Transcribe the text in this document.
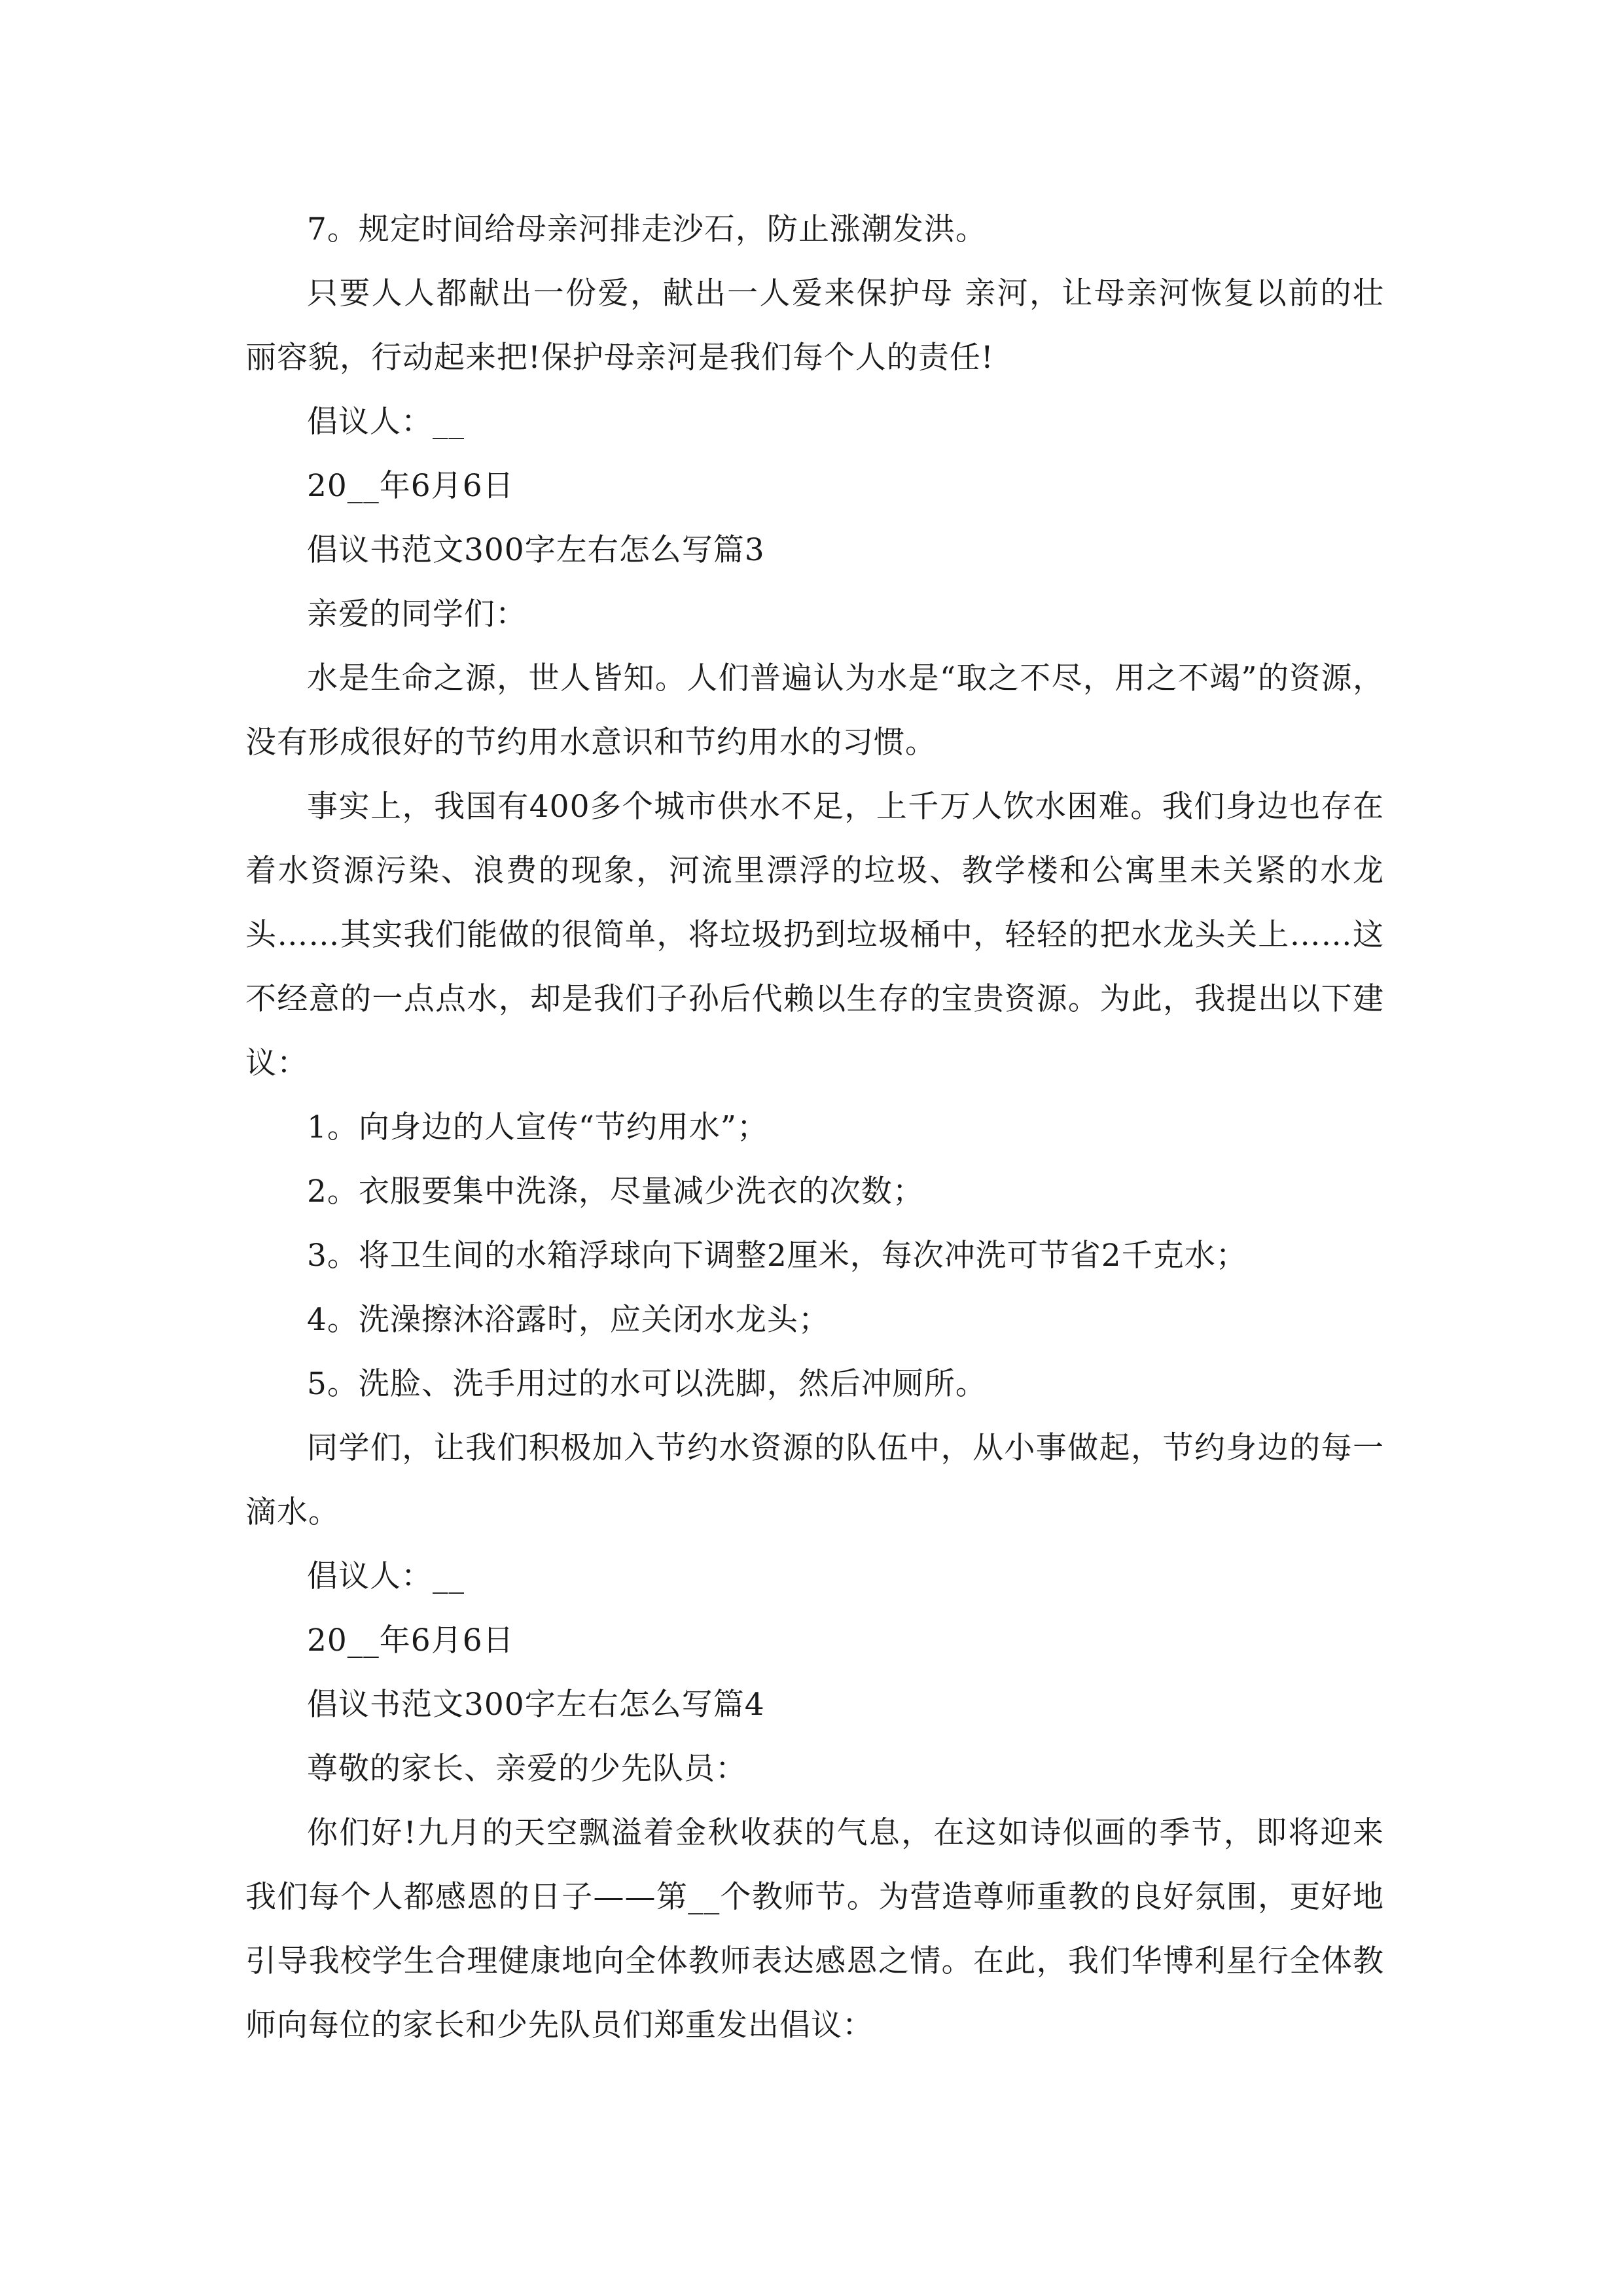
7。规定时间给母亲河排走沙石，防止涨潮发洪。

只要人人都献出一份爱，献出一人爱来保护母 亲河，让母亲河恢复以前的壮丽容貌，行动起来把!保护母亲河是我们每个人的责任!

倡议人：__

20__年6月6日

倡议书范文300字左右怎么写篇3

亲爱的同学们：

水是生命之源，世人皆知。人们普遍认为水是“取之不尽，用之不竭”的资源，没有形成很好的节约用水意识和节约用水的习惯。

事实上，我国有400多个城市供水不足，上千万人饮水困难。我们身边也存在着水资源污染、浪费的现象，河流里漂浮的垃圾、教学楼和公寓里未关紧的水龙头……其实我们能做的很简单，将垃圾扔到垃圾桶中，轻轻的把水龙头关上……这不经意的一点点水，却是我们子孙后代赖以生存的宝贵资源。为此，我提出以下建议：

1。向身边的人宣传“节约用水”；

2。衣服要集中洗涤，尽量减少洗衣的次数；

3。将卫生间的水箱浮球向下调整2厘米，每次冲洗可节省2千克水；

4。洗澡擦沐浴露时，应关闭水龙头；

5。洗脸、洗手用过的水可以洗脚，然后冲厕所。

同学们，让我们积极加入节约水资源的队伍中，从小事做起，节约身边的每一滴水。

倡议人：__

20__年6月6日

倡议书范文300字左右怎么写篇4

尊敬的家长、亲爱的少先队员：

你们好!九月的天空飘溢着金秋收获的气息，在这如诗似画的季节，即将迎来我们每个人都感恩的日子——第__个教师节。为营造尊师重教的良好氛围，更好地引导我校学生合理健康地向全体教师表达感恩之情。在此，我们华博利星行全体教师向每位的家长和少先队员们郑重发出倡议：
